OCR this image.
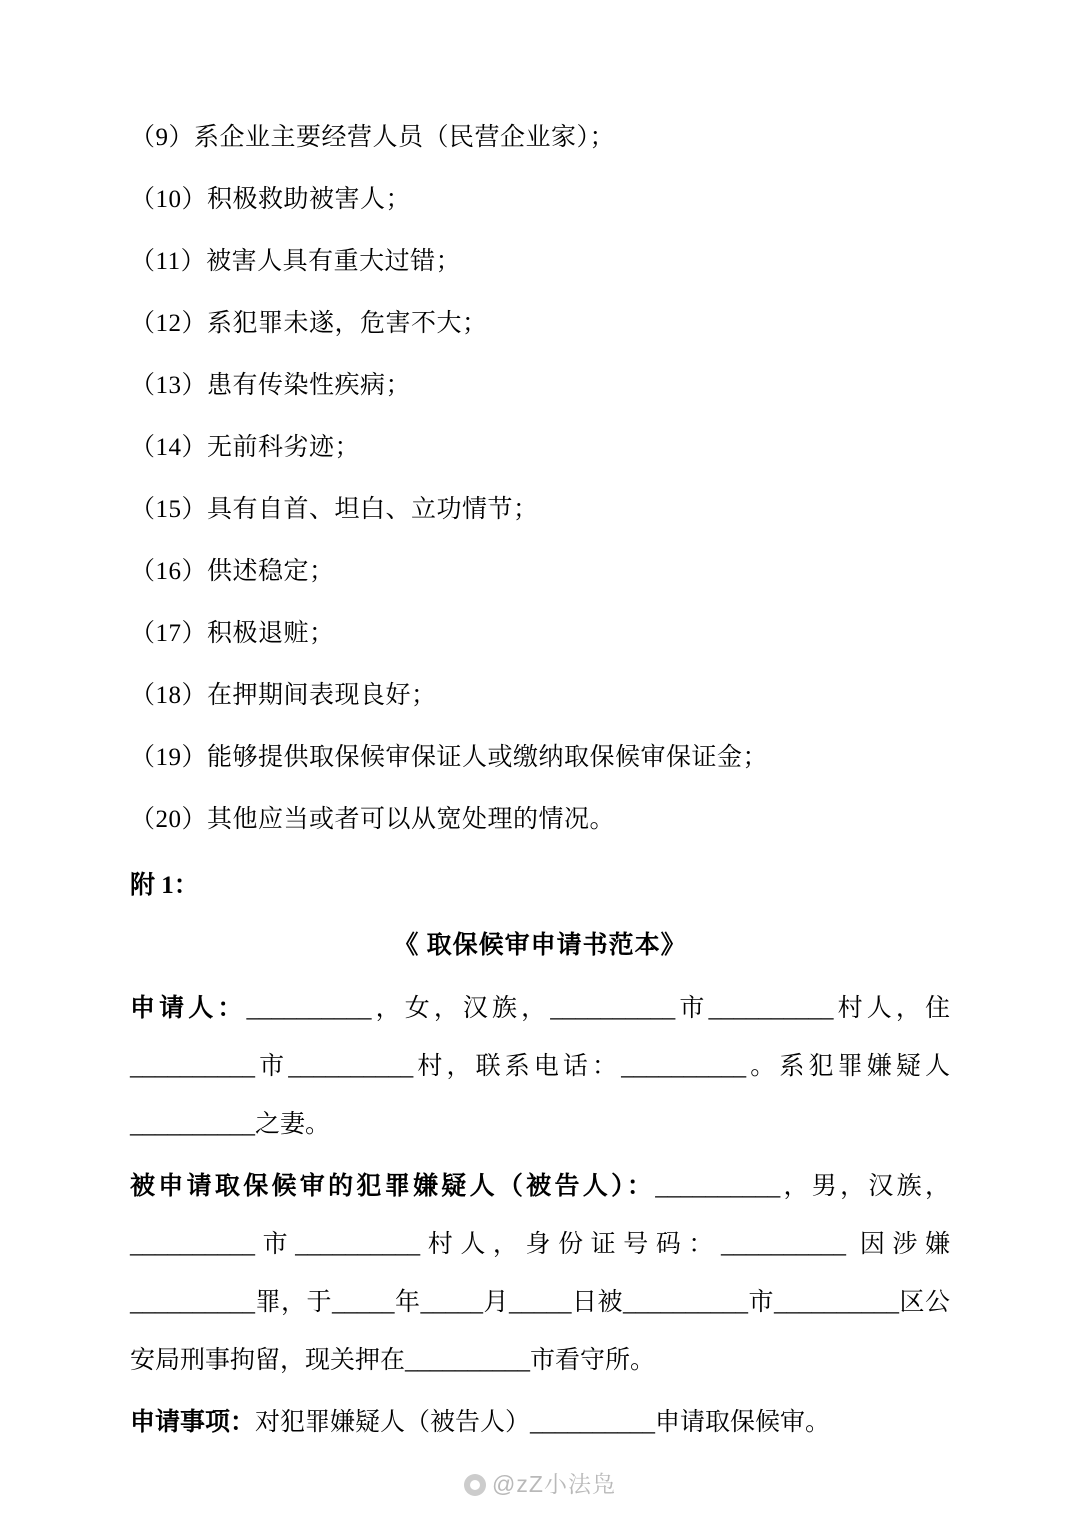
（9）系企业主要经营人员（民营企业家）；

（10）积极救助被害人；

（11）被害人具有重大过错；

（12）系犯罪未遂，危害不大；

（13）患有传染性疾病；

（14）无前科劣迹；

（15）具有自首、坦白、立功情节；

（16）供述稳定；

（17）积极退赃；

（18）在押期间表现良好；

（19）能够提供取保候审保证人或缴纳取保候审保证金；

（20）其他应当或者可以从宽处理的情况。

附 1：

《 取保候审申请书范本》

申请人：__________，女，汉族，__________市__________村人，住__________市__________村，联系电话：__________。系犯罪嫌疑人__________之妻。

被申请取保候审的犯罪嫌疑人（被告人）：__________，男，汉族，__________市__________村人，身份证号码：__________ 因涉嫌__________罪，于_____年_____月_____日被__________市__________区公安局刑事拘留，现关押在__________市看守所。

申请事项：对犯罪嫌疑人（被告人）__________申请取保候审。

@zZ小法凫
